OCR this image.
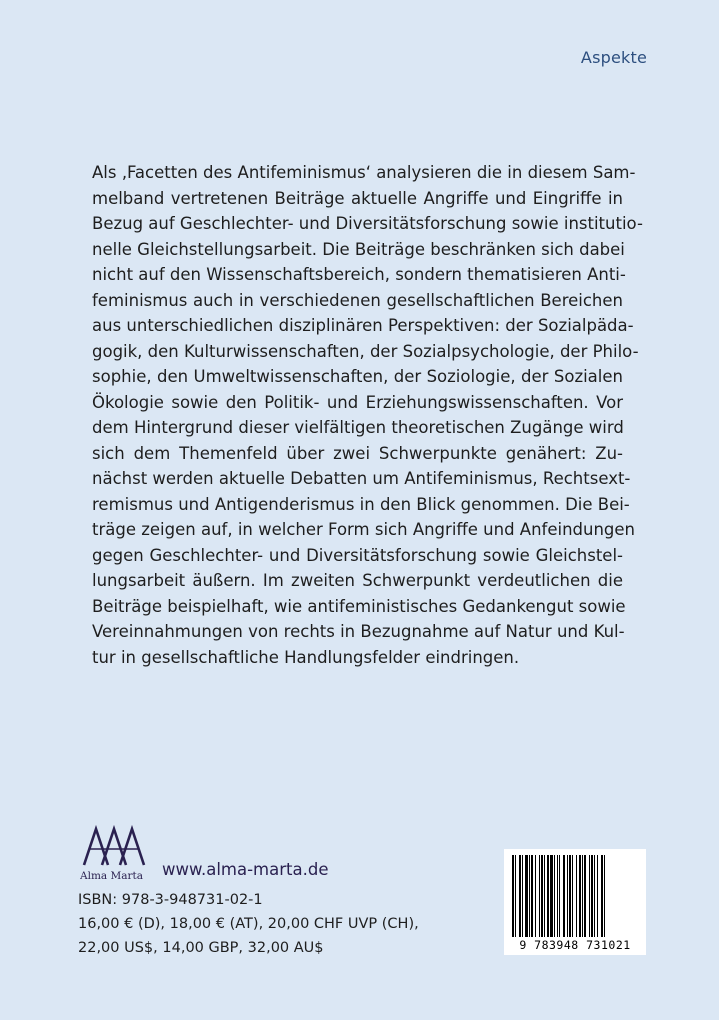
Aspekte
Als ‚Facetten des Antifeminismus‘ analysieren die in diesem Sam-
melband vertretenen Beiträge aktuelle Angriffe und Eingriffe in
Bezug auf Geschlechter- und Diversitätsforschung sowie institutio-
nelle Gleichstellungsarbeit. Die Beiträge beschränken sich dabei
nicht auf den Wissenschaftsbereich, sondern thematisieren Anti-
feminismus auch in verschiedenen gesellschaftlichen Bereichen
aus unterschiedlichen disziplinären Perspektiven: der Sozialpäda-
gogik, den Kulturwissenschaften, der Sozialpsychologie, der Philo-
sophie, den Umweltwissenschaften, der Soziologie, der Sozialen
Ökologie sowie den Politik- und Erziehungswissenschaften. Vor
dem Hintergrund dieser vielfältigen theoretischen Zugänge wird
sich dem Themenfeld über zwei Schwerpunkte genähert: Zu-
nächst werden aktuelle Debatten um Antifeminismus, Rechtsext-
remismus und Antigenderismus in den Blick genommen. Die Bei-
träge zeigen auf, in welcher Form sich Angriffe und Anfeindungen
gegen Geschlechter- und Diversitätsforschung sowie Gleichstel-
lungsarbeit äußern. Im zweiten Schwerpunkt verdeutlichen die
Beiträge beispielhaft, wie antifeministisches Gedankengut sowie
Vereinnahmungen von rechts in Bezugnahme auf Natur und Kul-
tur in gesellschaftliche Handlungsfelder eindringen.
Alma Marta www.alma-marta.de
ISBN: 978-3-948731-02-1
16,00 € (D), 18,00 € (AT), 20,00 CHF UVP (CH),
22,00 US$, 14,00 GBP, 32,00 AU$	9 783948 731021
